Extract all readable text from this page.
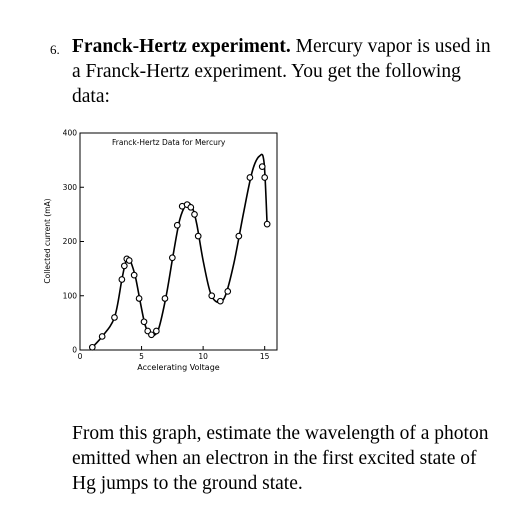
6. Franck-Hertz experiment. Mercury vapor is used in a Franck-Hertz experiment. You get the following data:
0	5	10	15
0
100
200
300
400
Franck-Hertz Data for Mercury
Accelerating Voltage
Collected current (mA)
From this graph, estimate the wavelength of a photon emitted when an electron in the first excited state of Hg jumps to the ground state.
